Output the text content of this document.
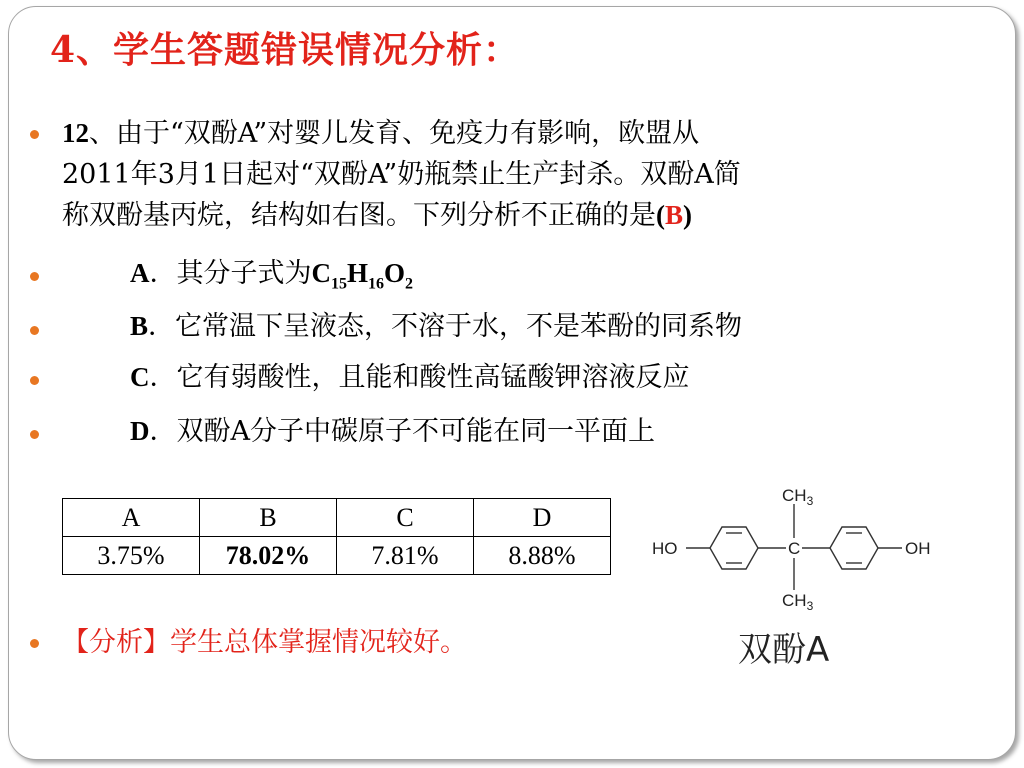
4、学生答题错误情况分析：
12、由于“双酚A”对婴儿发育、免疫力有影响，欧盟从
2011年3月1日起对“双酚A”奶瓶禁止生产封杀。双酚A简
称双酚基丙烷，结构如右图。下列分析不正确的是(B)
A．其分子式为$C_{15}H_{16}O_2$
B．它常温下呈液态，不溶于水，不是苯酚的同系物
C．它有弱酸性，且能和酸性高锰酸钾溶液反应
D．双酚A分子中碳原子不可能在同一平面上
A	B	C	D
3.75%	78.02%	7.81%	8.88%
【分析】学生总体掌握情况较好。
HO	C	OH
$CH_3$
$CH_3$
双酚A
